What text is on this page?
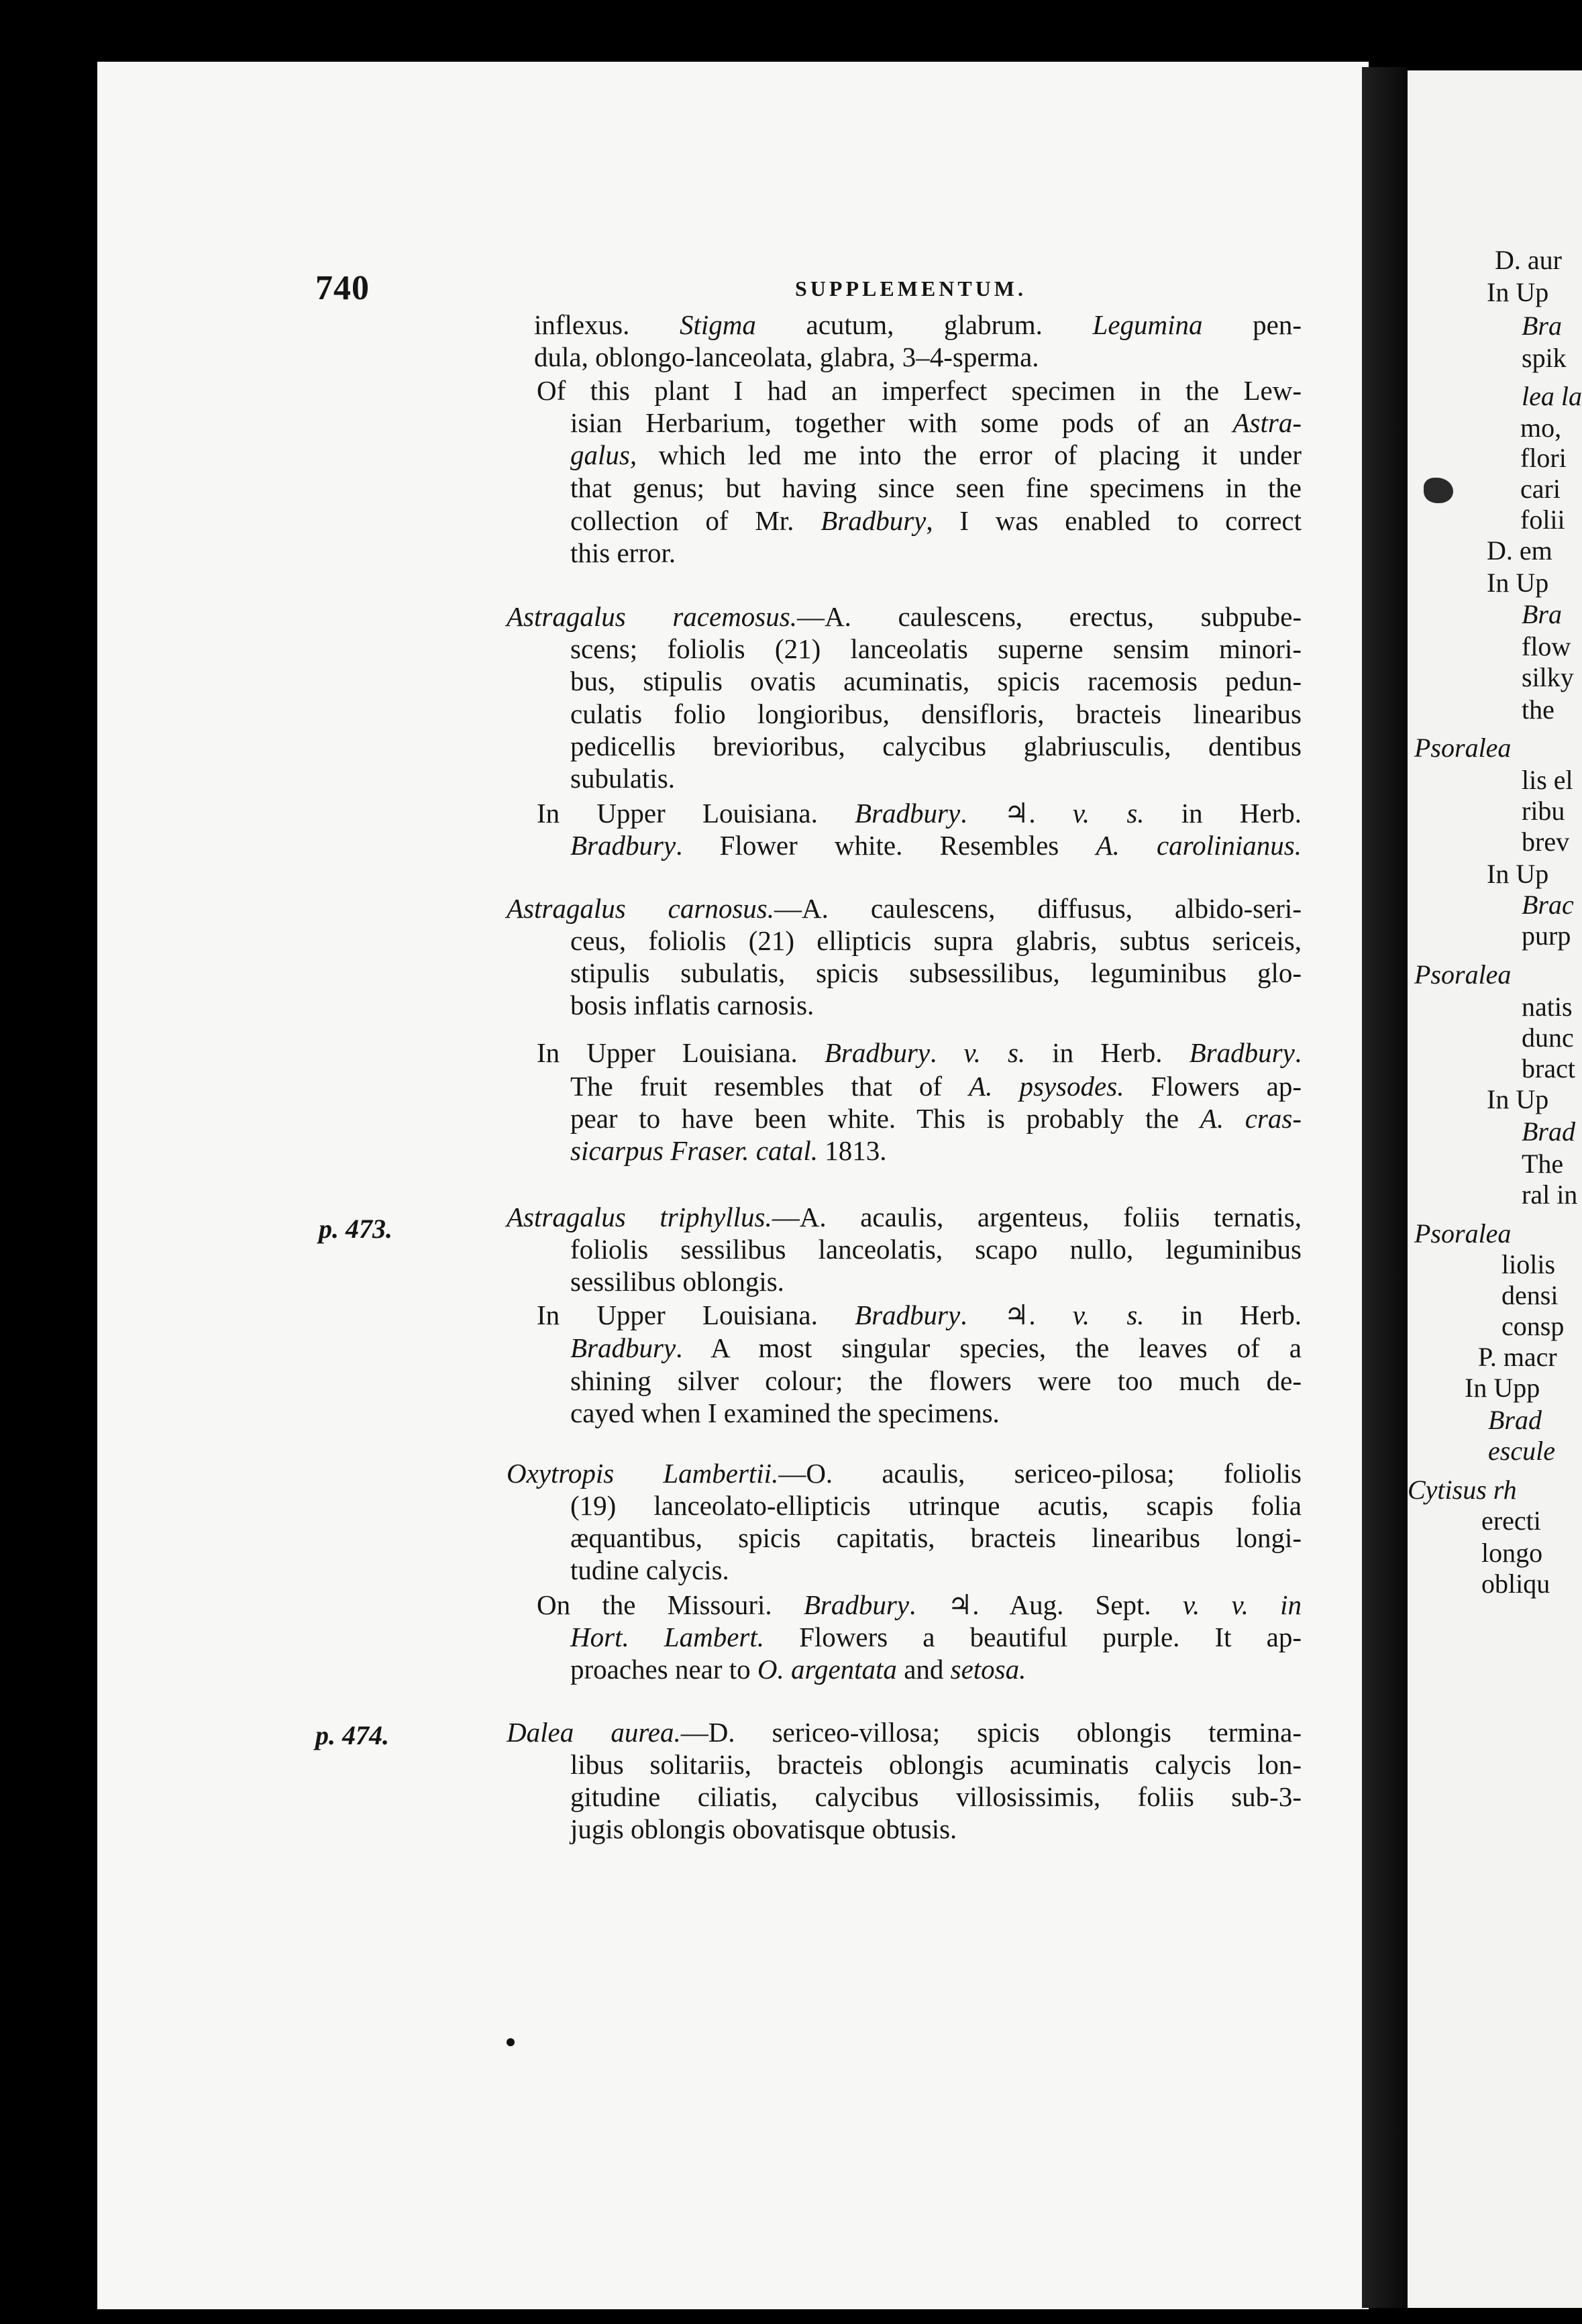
D. aur
In Up
Bra
spik
lea la
mo,
flori
cari
folii
D. em
In Up
Bra
flow
silky
the
Psoralea
lis el
ribu
brev
In Up
Brac
purp
Psoralea
natis
dunc
bract
In Up
Brad
The
ral in
Psoralea
liolis
densi
consp
P. macr
In Upp
Brad
escule
Cytisus rh
erecti
longo
obliqu
740	SUPPLEMENTUM.
p. 473.
p. 474.
inflexus. Stigma acutum, glabrum. Legumina pen-
dula, oblongo-lanceolata, glabra, 3–4-sperma.
Of this plant I had an imperfect specimen in the Lew-
isian Herbarium, together with some pods of an Astra-
galus, which led me into the error of placing it under
that genus; but having since seen fine specimens in the
collection of Mr. Bradbury, I was enabled to correct
this error.
Astragalus racemosus.—A. caulescens, erectus, subpube-
scens; foliolis (21) lanceolatis superne sensim minori-
bus, stipulis ovatis acuminatis, spicis racemosis pedun-
culatis folio longioribus, densifloris, bracteis linearibus
pedicellis brevioribus, calycibus glabriusculis, dentibus
subulatis.
In Upper Louisiana. Bradbury. ♃. v. s. in Herb.
Bradbury. Flower white. Resembles A. carolinianus.
Astragalus carnosus.—A. caulescens, diffusus, albido-seri-
ceus, foliolis (21) ellipticis supra glabris, subtus sericeis,
stipulis subulatis, spicis subsessilibus, leguminibus glo-
bosis inflatis carnosis.
In Upper Louisiana. Bradbury. v. s. in Herb. Bradbury.
The fruit resembles that of A. psysodes. Flowers ap-
pear to have been white. This is probably the A. cras-
sicarpus Fraser. catal. 1813.
Astragalus triphyllus.—A. acaulis, argenteus, foliis ternatis,
foliolis sessilibus lanceolatis, scapo nullo, leguminibus
sessilibus oblongis.
In Upper Louisiana. Bradbury. ♃. v. s. in Herb.
Bradbury. A most singular species, the leaves of a
shining silver colour; the flowers were too much de-
cayed when I examined the specimens.
Oxytropis Lambertii.—O. acaulis, sericeo-pilosa; foliolis
(19) lanceolato-ellipticis utrinque acutis, scapis folia
æquantibus, spicis capitatis, bracteis linearibus longi-
tudine calycis.
On the Missouri. Bradbury. ♃. Aug. Sept. v. v. in
Hort. Lambert. Flowers a beautiful purple. It ap-
proaches near to O. argentata and setosa.
Dalea aurea.—D. sericeo-villosa; spicis oblongis termina-
libus solitariis, bracteis oblongis acuminatis calycis lon-
gitudine ciliatis, calycibus villosissimis, foliis sub-3-
jugis oblongis obovatisque obtusis.
